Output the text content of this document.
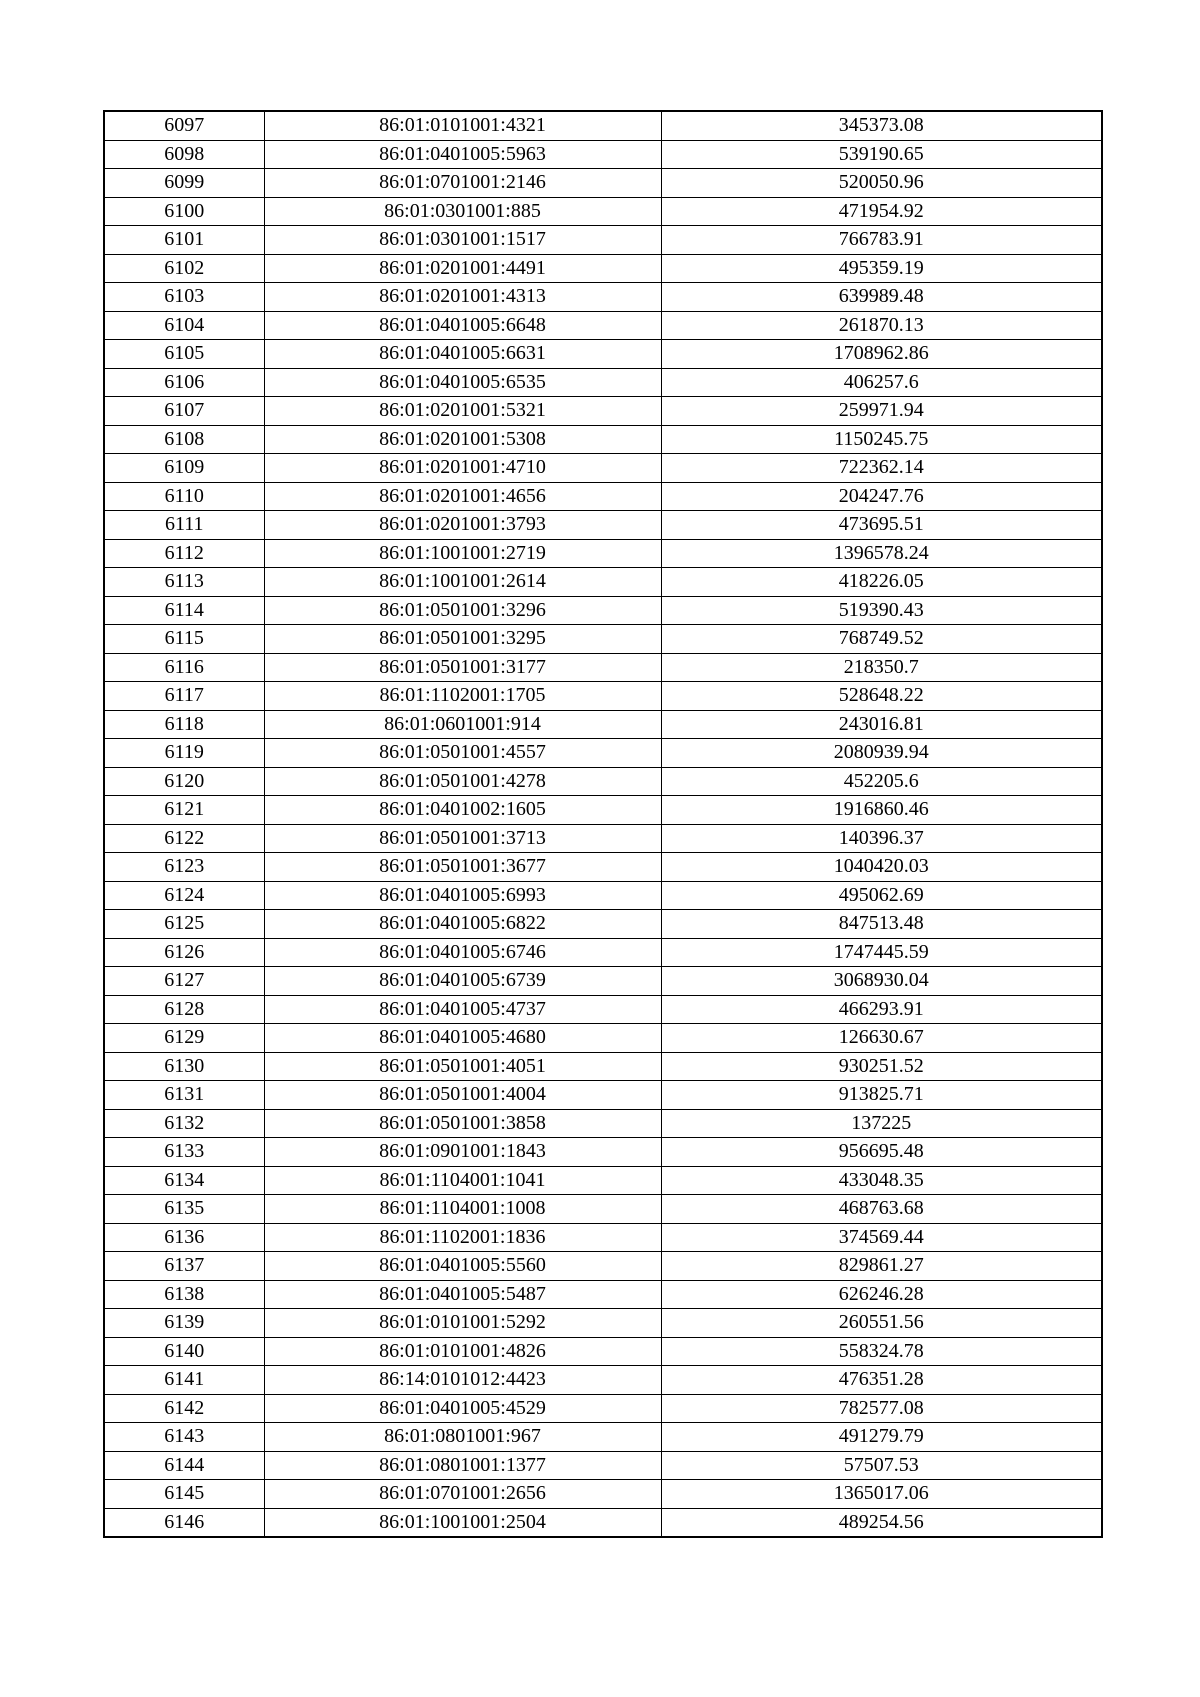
6097	86:01:0101001:4321	345373.08
6098	86:01:0401005:5963	539190.65
6099	86:01:0701001:2146	520050.96
6100	86:01:0301001:885	471954.92
6101	86:01:0301001:1517	766783.91
6102	86:01:0201001:4491	495359.19
6103	86:01:0201001:4313	639989.48
6104	86:01:0401005:6648	261870.13
6105	86:01:0401005:6631	1708962.86
6106	86:01:0401005:6535	406257.6
6107	86:01:0201001:5321	259971.94
6108	86:01:0201001:5308	1150245.75
6109	86:01:0201001:4710	722362.14
6110	86:01:0201001:4656	204247.76
6111	86:01:0201001:3793	473695.51
6112	86:01:1001001:2719	1396578.24
6113	86:01:1001001:2614	418226.05
6114	86:01:0501001:3296	519390.43
6115	86:01:0501001:3295	768749.52
6116	86:01:0501001:3177	218350.7
6117	86:01:1102001:1705	528648.22
6118	86:01:0601001:914	243016.81
6119	86:01:0501001:4557	2080939.94
6120	86:01:0501001:4278	452205.6
6121	86:01:0401002:1605	1916860.46
6122	86:01:0501001:3713	140396.37
6123	86:01:0501001:3677	1040420.03
6124	86:01:0401005:6993	495062.69
6125	86:01:0401005:6822	847513.48
6126	86:01:0401005:6746	1747445.59
6127	86:01:0401005:6739	3068930.04
6128	86:01:0401005:4737	466293.91
6129	86:01:0401005:4680	126630.67
6130	86:01:0501001:4051	930251.52
6131	86:01:0501001:4004	913825.71
6132	86:01:0501001:3858	137225
6133	86:01:0901001:1843	956695.48
6134	86:01:1104001:1041	433048.35
6135	86:01:1104001:1008	468763.68
6136	86:01:1102001:1836	374569.44
6137	86:01:0401005:5560	829861.27
6138	86:01:0401005:5487	626246.28
6139	86:01:0101001:5292	260551.56
6140	86:01:0101001:4826	558324.78
6141	86:14:0101012:4423	476351.28
6142	86:01:0401005:4529	782577.08
6143	86:01:0801001:967	491279.79
6144	86:01:0801001:1377	57507.53
6145	86:01:0701001:2656	1365017.06
6146	86:01:1001001:2504	489254.56
